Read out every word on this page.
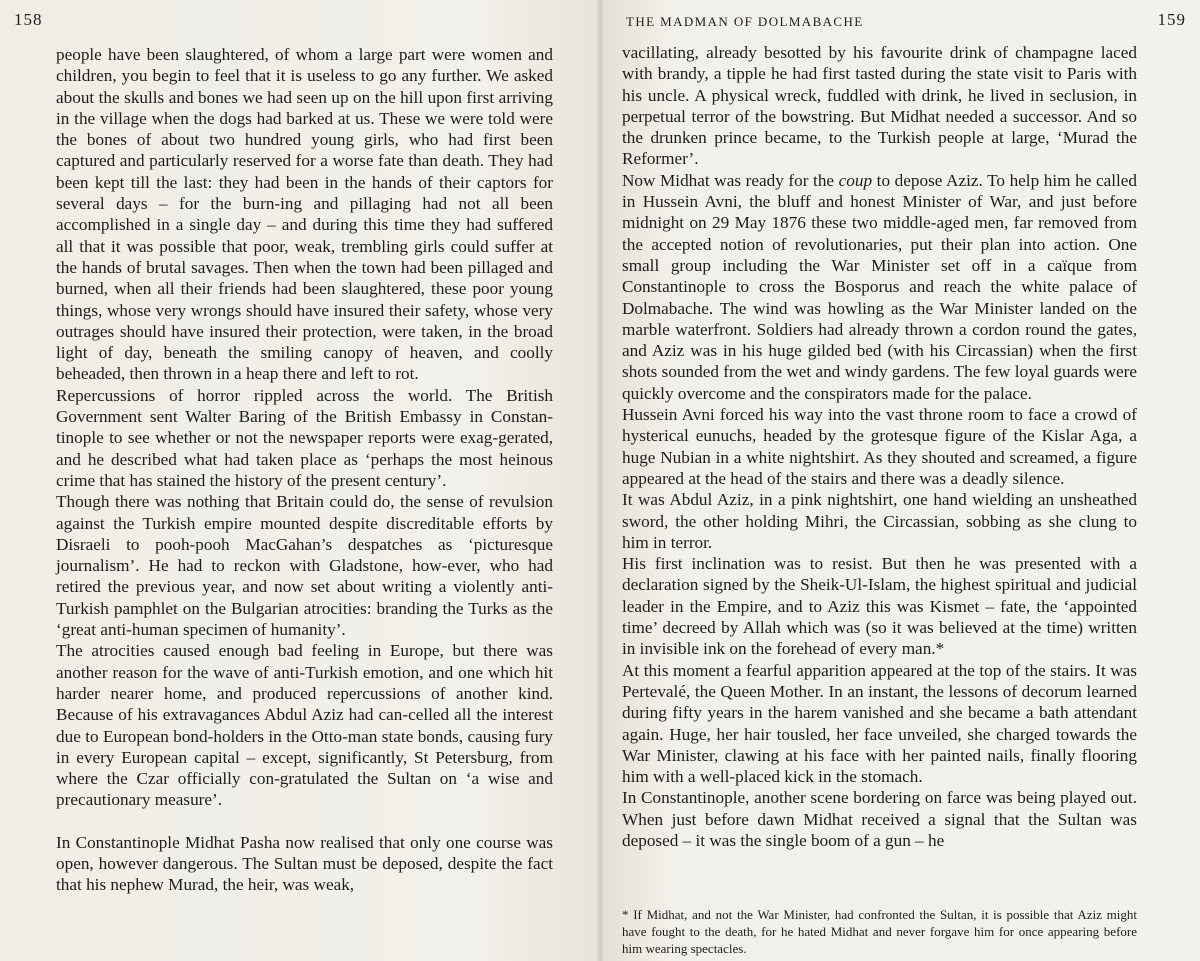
158

people have been slaughtered, of whom a large part were women and children, you begin to feel that it is useless to go any further. We asked about the skulls and bones we had seen up on the hill upon first arriving in the village when the dogs had barked at us. These we were told were the bones of about two hundred young girls, who had first been captured and particularly reserved for a worse fate than death. They had been kept till the last: they had been in the hands of their captors for several days – for the burn-ing and pillaging had not all been accomplished in a single day – and during this time they had suffered all that it was possible that poor, weak, trembling girls could suffer at the hands of brutal savages. Then when the town had been pillaged and burned, when all their friends had been slaughtered, these poor young things, whose very wrongs should have insured their safety, whose very outrages should have insured their protection, were taken, in the broad light of day, beneath the smiling canopy of heaven, and coolly beheaded, then thrown in a heap there and left to rot.

Repercussions of horror rippled across the world. The British Government sent Walter Baring of the British Embassy in Constan-tinople to see whether or not the newspaper reports were exag-gerated, and he described what had taken place as ‘perhaps the most heinous crime that has stained the history of the present century’.

Though there was nothing that Britain could do, the sense of revulsion against the Turkish empire mounted despite discreditable efforts by Disraeli to pooh-pooh MacGahan’s despatches as ‘picturesque journalism’. He had to reckon with Gladstone, how-ever, who had retired the previous year, and now set about writing a violently anti-Turkish pamphlet on the Bulgarian atrocities: branding the Turks as the ‘great anti-human specimen of humanity’.

The atrocities caused enough bad feeling in Europe, but there was another reason for the wave of anti-Turkish emotion, and one which hit harder nearer home, and produced repercussions of another kind. Because of his extravagances Abdul Aziz had can-celled all the interest due to European bond-holders in the Otto-man state bonds, causing fury in every European capital – except, significantly, St Petersburg, from where the Czar officially con-gratulated the Sultan on ‘a wise and precautionary measure’.

In Constantinople Midhat Pasha now realised that only one course was open, however dangerous. The Sultan must be deposed, despite the fact that his nephew Murad, the heir, was weak,

THE MADMAN OF DOLMABACHE	159

vacillating, already besotted by his favourite drink of champagne laced with brandy, a tipple he had first tasted during the state visit to Paris with his uncle. A physical wreck, fuddled with drink, he lived in seclusion, in perpetual terror of the bowstring. But Midhat needed a successor. And so the drunken prince became, to the Turkish people at large, ‘Murad the Reformer’.

Now Midhat was ready for the coup to depose Aziz. To help him he called in Hussein Avni, the bluff and honest Minister of War, and just before midnight on 29 May 1876 these two middle-aged men, far removed from the accepted notion of revolutionaries, put their plan into action. One small group including the War Minister set off in a caïque from Constantinople to cross the Bosporus and reach the white palace of Dolmabache. The wind was howling as the War Minister landed on the marble waterfront. Soldiers had already thrown a cordon round the gates, and Aziz was in his huge gilded bed (with his Circassian) when the first shots sounded from the wet and windy gardens. The few loyal guards were quickly overcome and the conspirators made for the palace.

Hussein Avni forced his way into the vast throne room to face a crowd of hysterical eunuchs, headed by the grotesque figure of the Kislar Aga, a huge Nubian in a white nightshirt. As they shouted and screamed, a figure appeared at the head of the stairs and there was a deadly silence.

It was Abdul Aziz, in a pink nightshirt, one hand wielding an unsheathed sword, the other holding Mihri, the Circassian, sobbing as she clung to him in terror.

His first inclination was to resist. But then he was presented with a declaration signed by the Sheik-Ul-Islam, the highest spiritual and judicial leader in the Empire, and to Aziz this was Kismet – fate, the ‘appointed time’ decreed by Allah which was (so it was believed at the time) written in invisible ink on the forehead of every man.*

At this moment a fearful apparition appeared at the top of the stairs. It was Pertevalé, the Queen Mother. In an instant, the lessons of decorum learned during fifty years in the harem vanished and she became a bath attendant again. Huge, her hair tousled, her face unveiled, she charged towards the War Minister, clawing at his face with her painted nails, finally flooring him with a well-placed kick in the stomach.

In Constantinople, another scene bordering on farce was being played out. When just before dawn Midhat received a signal that the Sultan was deposed – it was the single boom of a gun – he

* If Midhat, and not the War Minister, had confronted the Sultan, it is possible that Aziz might have fought to the death, for he hated Midhat and never forgave him for once appearing before him wearing spectacles.
